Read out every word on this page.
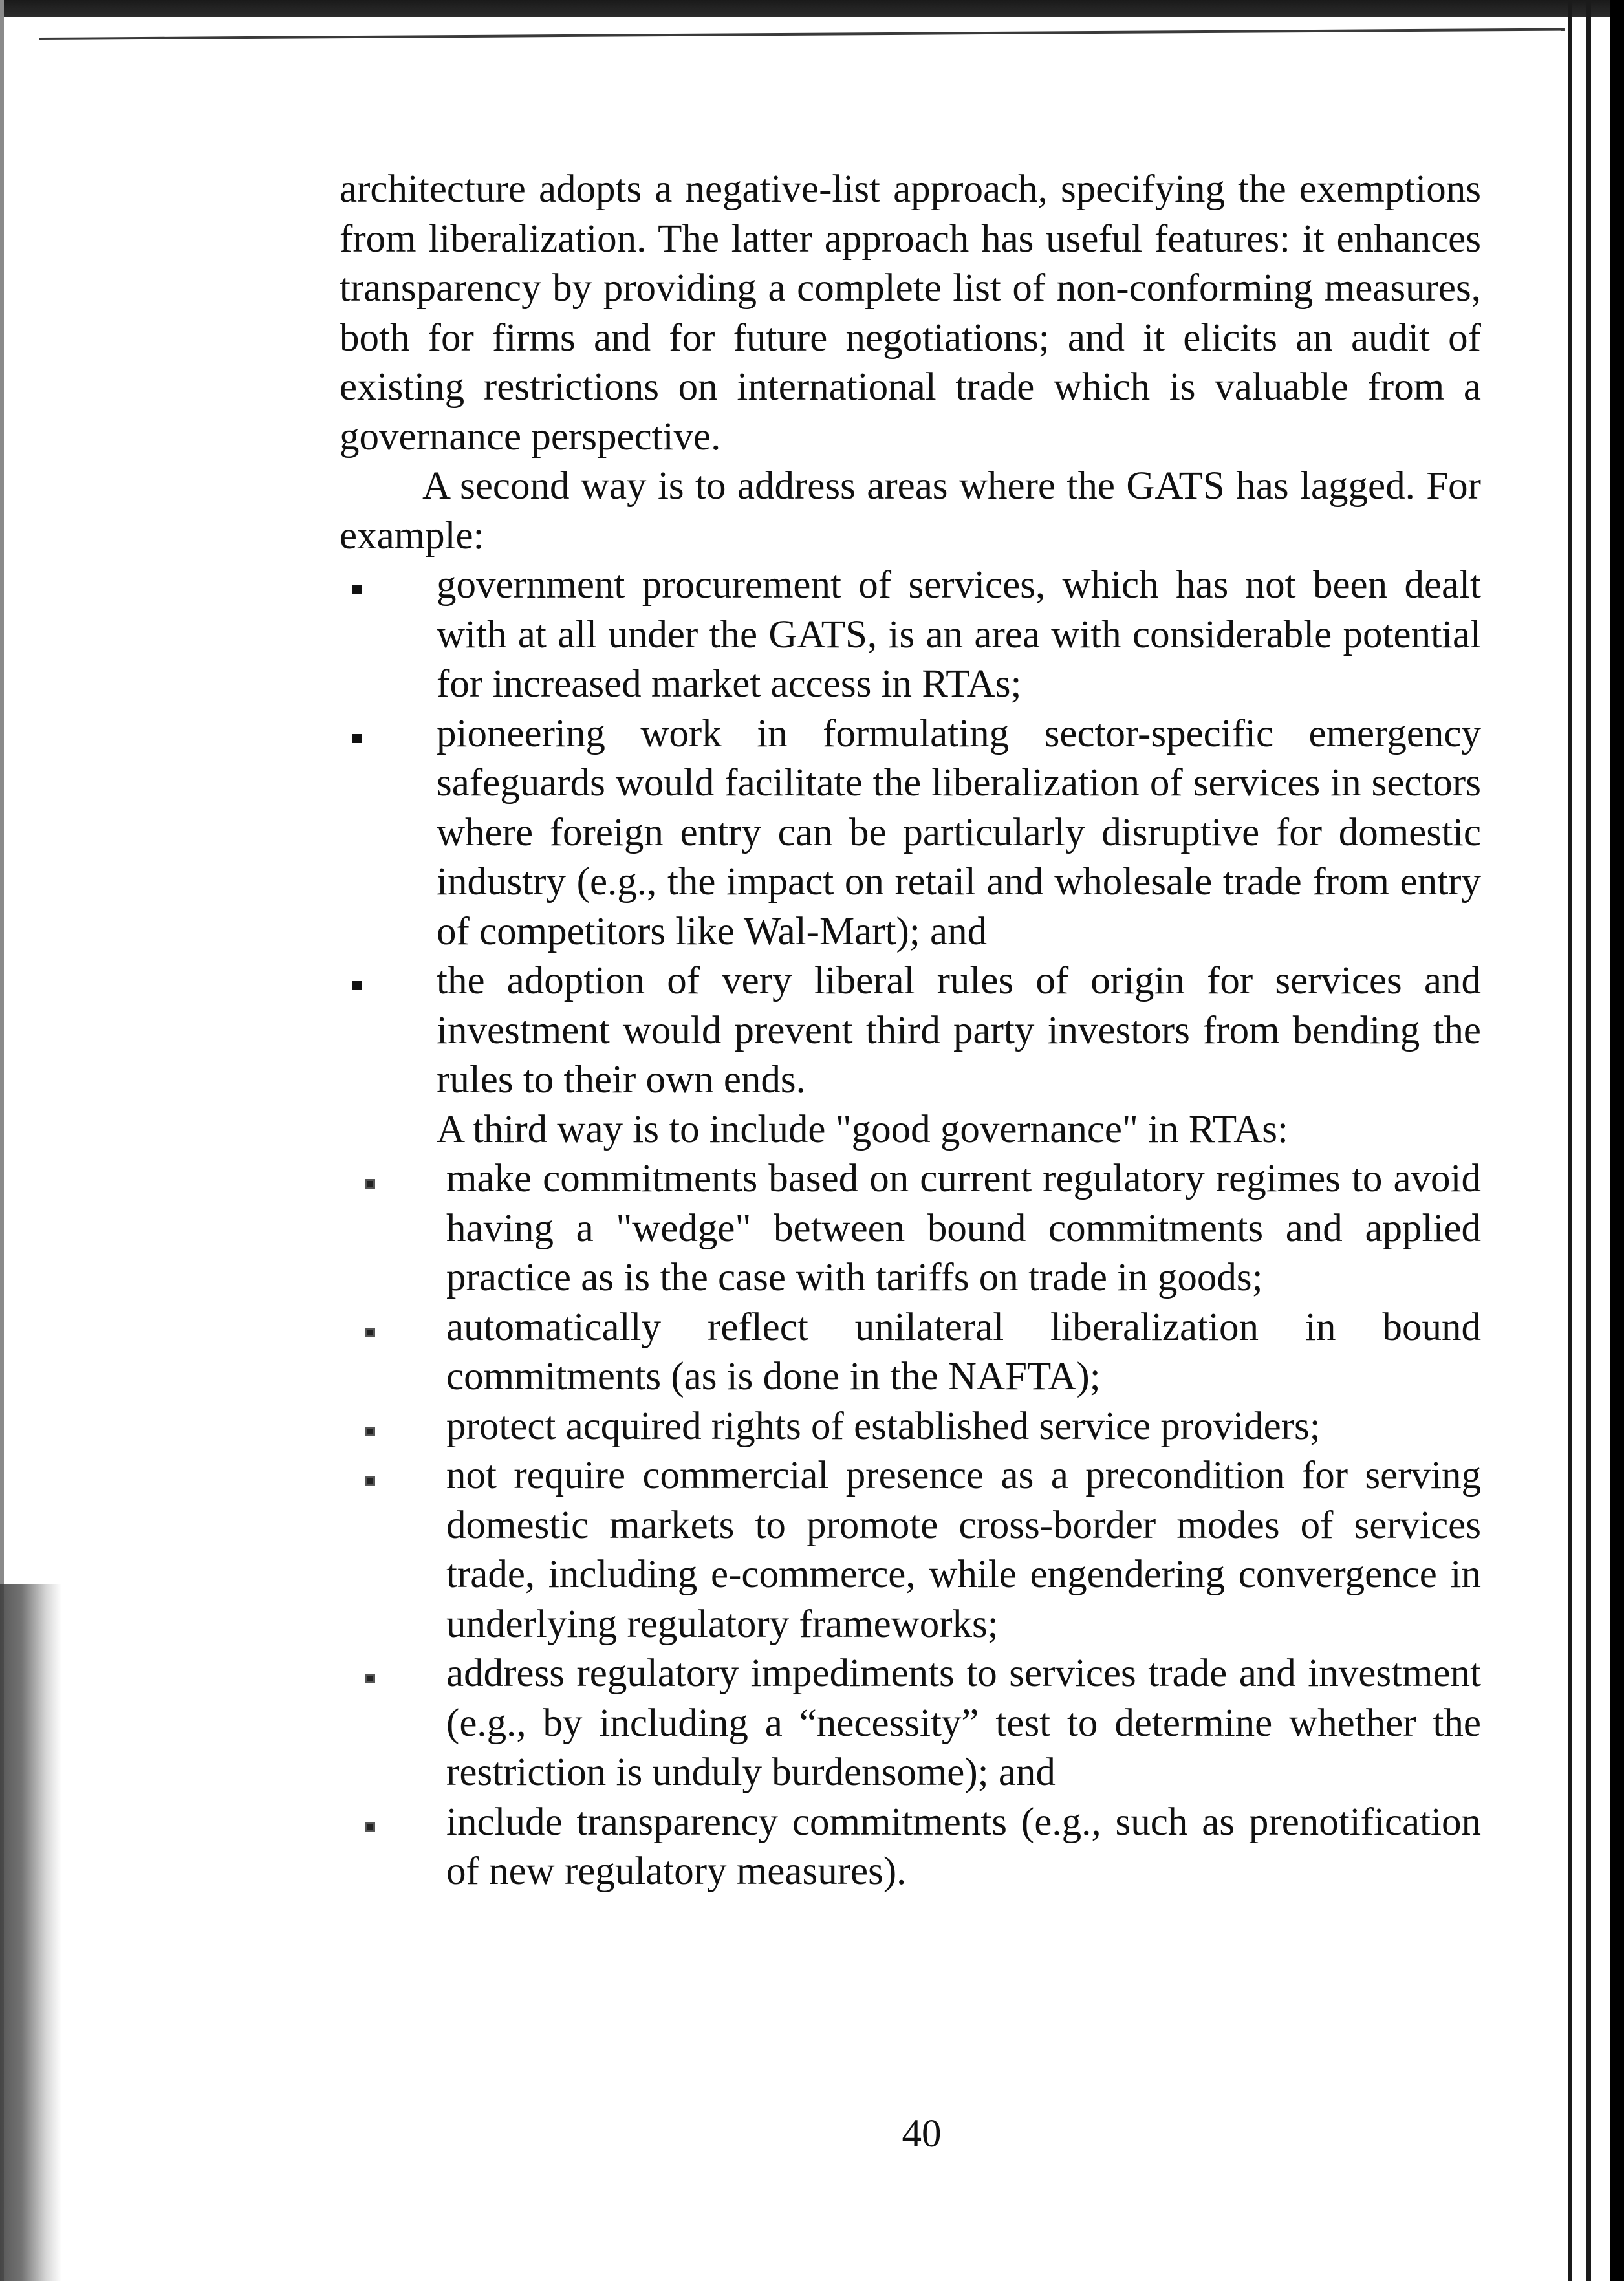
architecture adopts a negative-list approach, specifying the exemptions from liberalization. The latter approach has useful features: it enhances transparency by providing a complete list of non-conforming measures, both for firms and for future negotiations; and it elicits an audit of existing restrictions on international trade which is valuable from a governance perspective.

A second way is to address areas where the GATS has lagged. For example:

government procurement of services, which has not been dealt with at all under the GATS, is an area with considerable potential for increased market access in RTAs;
pioneering work in formulating sector-specific emergency safeguards would facilitate the liberalization of services in sectors where foreign entry can be particularly disruptive for domestic industry (e.g., the impact on retail and wholesale trade from entry of competitors like Wal-Mart); and
the adoption of very liberal rules of origin for services and investment would prevent third party investors from bending the rules to their own ends.

A third way is to include "good governance" in RTAs:

make commitments based on current regulatory regimes to avoid having a "wedge" between bound commitments and applied practice as is the case with tariffs on trade in goods;
automatically reflect unilateral liberalization in bound commitments (as is done in the NAFTA);
protect acquired rights of established service providers;
not require commercial presence as a precondition for serving domestic markets to promote cross-border modes of services trade, including e-commerce, while engendering convergence in underlying regulatory frameworks;
address regulatory impediments to services trade and investment (e.g., by including a “necessity” test to determine whether the restriction is unduly burdensome); and
include transparency commitments (e.g., such as prenotification of new regulatory measures).
40
